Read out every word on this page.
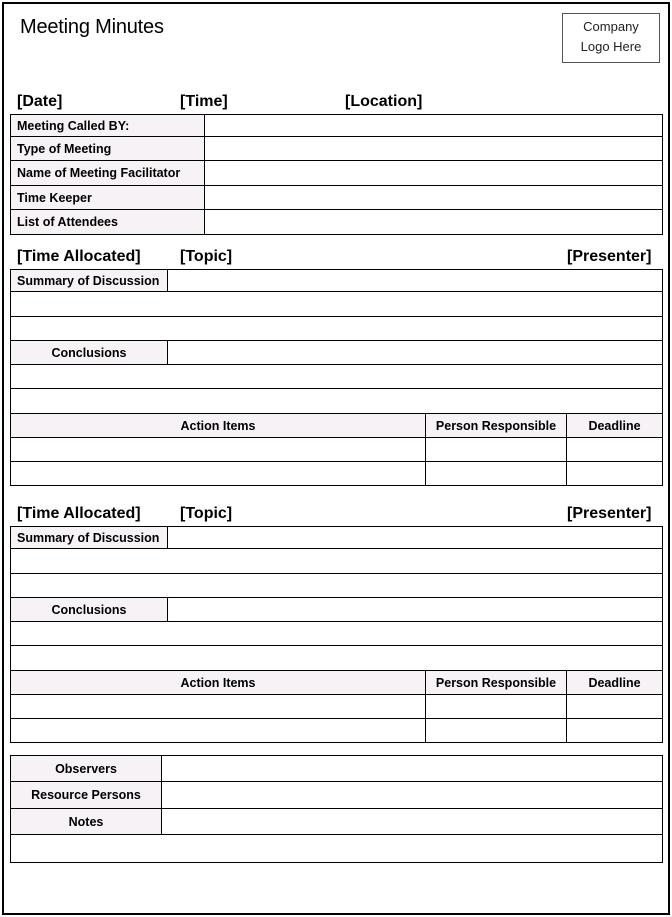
Meeting Minutes	Company
Logo Here
[Date]	[Time]	[Location]
Meeting Called BY:	
Type of Meeting	
Name of Meeting Facilitator	
Time Keeper	
List of Attendees	
[Time Allocated] [Topic]	[Presenter]
Summary of Discussion	

Conclusions	

Action Items	Person Responsible	Deadline

[Time Allocated] [Topic]	[Presenter]
Summary of Discussion	

Conclusions	

Action Items	Person Responsible	Deadline

Observers	
Resource Persons	
Notes	
